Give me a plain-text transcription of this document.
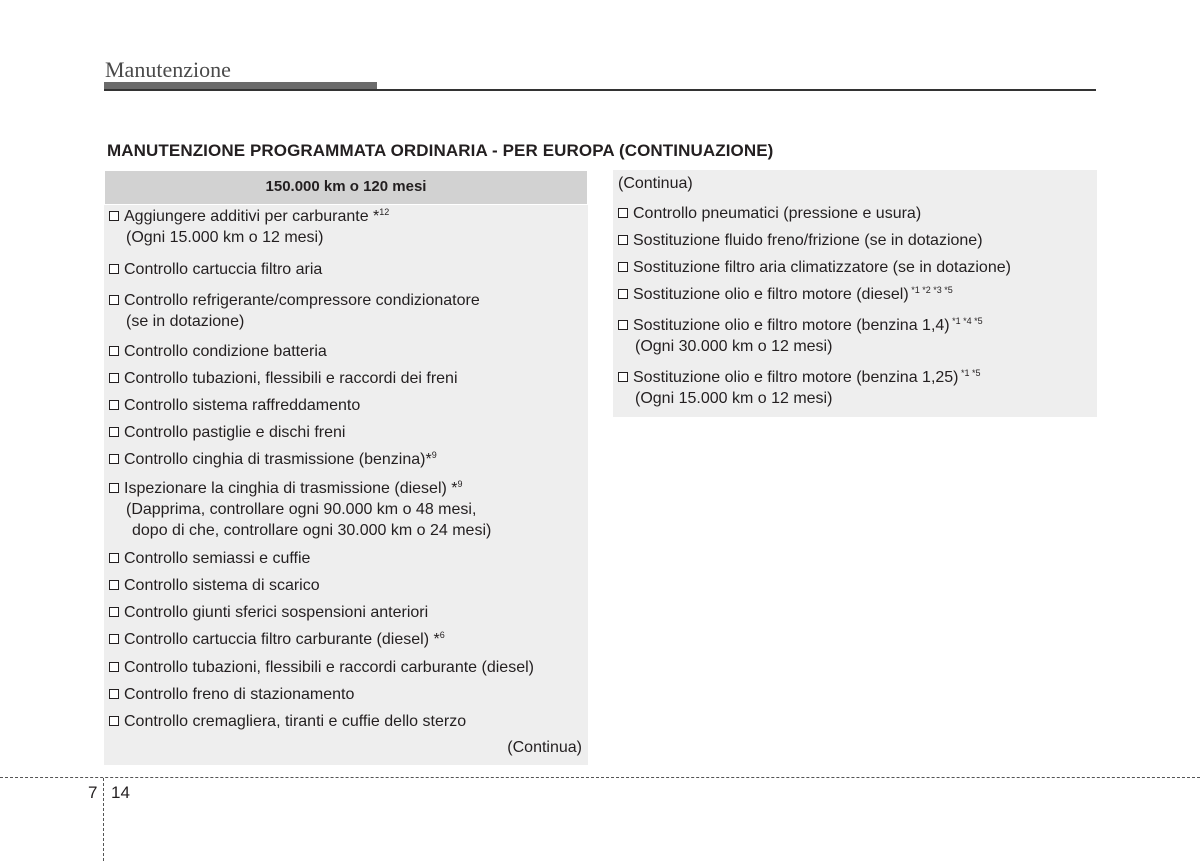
Manutenzione
MANUTENZIONE PROGRAMMATA ORDINARIA - PER EUROPA (CONTINUAZIONE)
150.000 km o 120 mesi
Aggiungere additivi per carburante *$^{12}$
(Ogni 15.000 km o 12 mesi)
Controllo cartuccia filtro aria
Controllo refrigerante/compressore condizionatore
(se in dotazione)
Controllo condizione batteria
Controllo tubazioni, flessibili e raccordi dei freni
Controllo sistema raffreddamento
Controllo pastiglie e dischi freni
Controllo cinghia di trasmissione (benzina)*$^9$
Ispezionare la cinghia di trasmissione (diesel) *$^9$
(Dapprima, controllare ogni 90.000 km o 48 mesi,
dopo di che, controllare ogni 30.000 km o 24 mesi)
Controllo semiassi e cuffie
Controllo sistema di scarico
Controllo giunti sferici sospensioni anteriori
Controllo cartuccia filtro carburante (diesel) *$^6$
Controllo tubazioni, flessibili e raccordi carburante (diesel)
Controllo freno di stazionamento
Controllo cremagliera, tiranti e cuffie dello sterzo
(Continua)
(Continua)
Controllo pneumatici (pressione e usura)
Sostituzione fluido freno/frizione (se in dotazione)
Sostituzione filtro aria climatizzatore (se in dotazione)
Sostituzione olio e filtro motore (diesel) $^{*1 *2 *3 *5}$
Sostituzione olio e filtro motore (benzina 1,4) $^{*1 *4 *5}$
(Ogni 30.000 km o 12 mesi)
Sostituzione olio e filtro motore (benzina 1,25) $^{*1 *5}$
(Ogni 15.000 km o 12 mesi)
7 14
